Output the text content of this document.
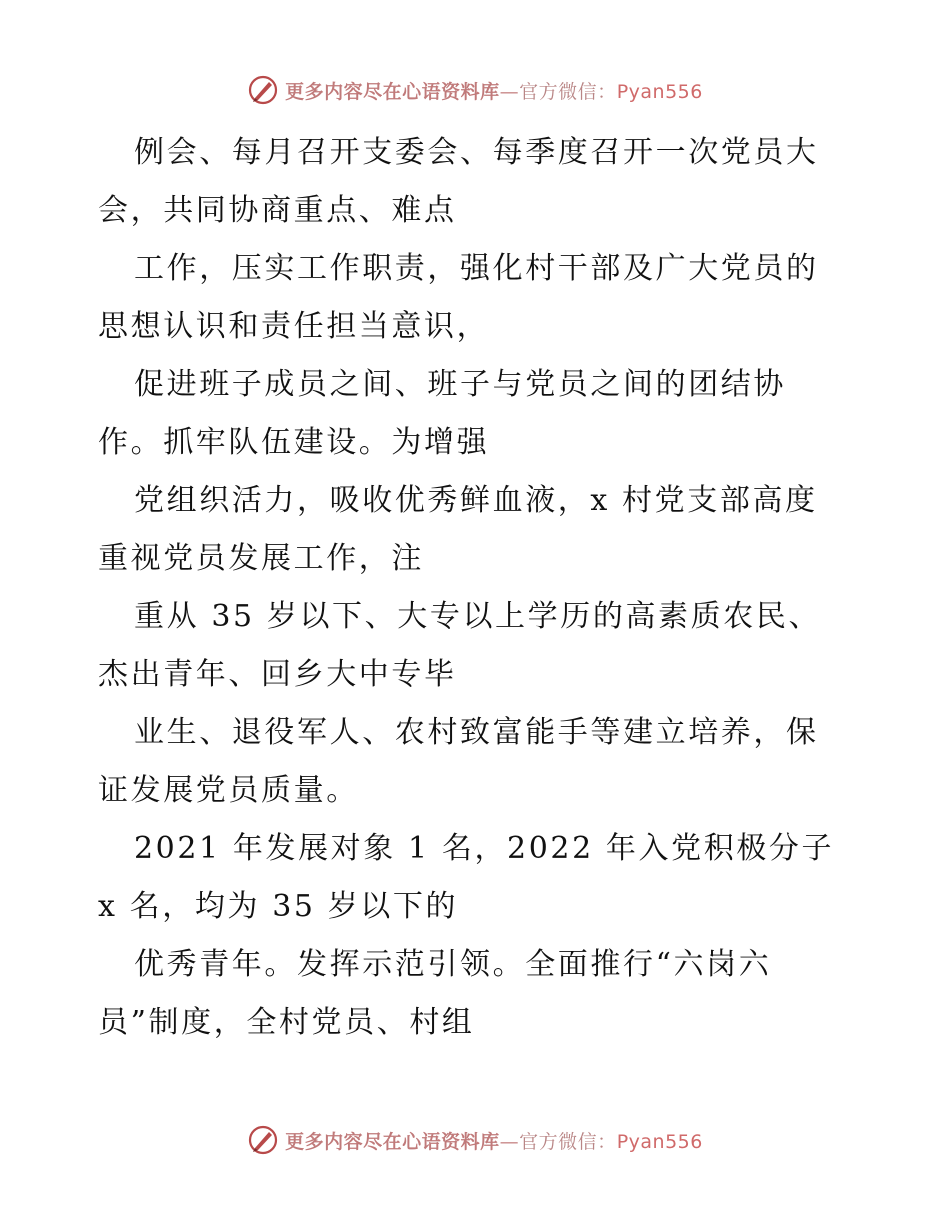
更多内容尽在心语资料库—官方微信：Pyan556
例会、每月召开支委会、每季度召开一次党员大
会，共同协商重点、难点
工作，压实工作职责，强化村干部及广大党员的
思想认识和责任担当意识，
促进班子成员之间、班子与党员之间的团结协
作。抓牢队伍建设。为增强
党组织活力，吸收优秀鲜血液，x 村党支部高度
重视党员发展工作，注
重从 35 岁以下、大专以上学历的高素质农民、
杰出青年、回乡大中专毕
业生、退役军人、农村致富能手等建立培养，保
证发展党员质量。
2021 年发展对象 1 名，2022 年入党积极分子
x 名，均为 35 岁以下的
优秀青年。发挥示范引领。全面推行“六岗六
员”制度，全村党员、村组
更多内容尽在心语资料库—官方微信：Pyan556
